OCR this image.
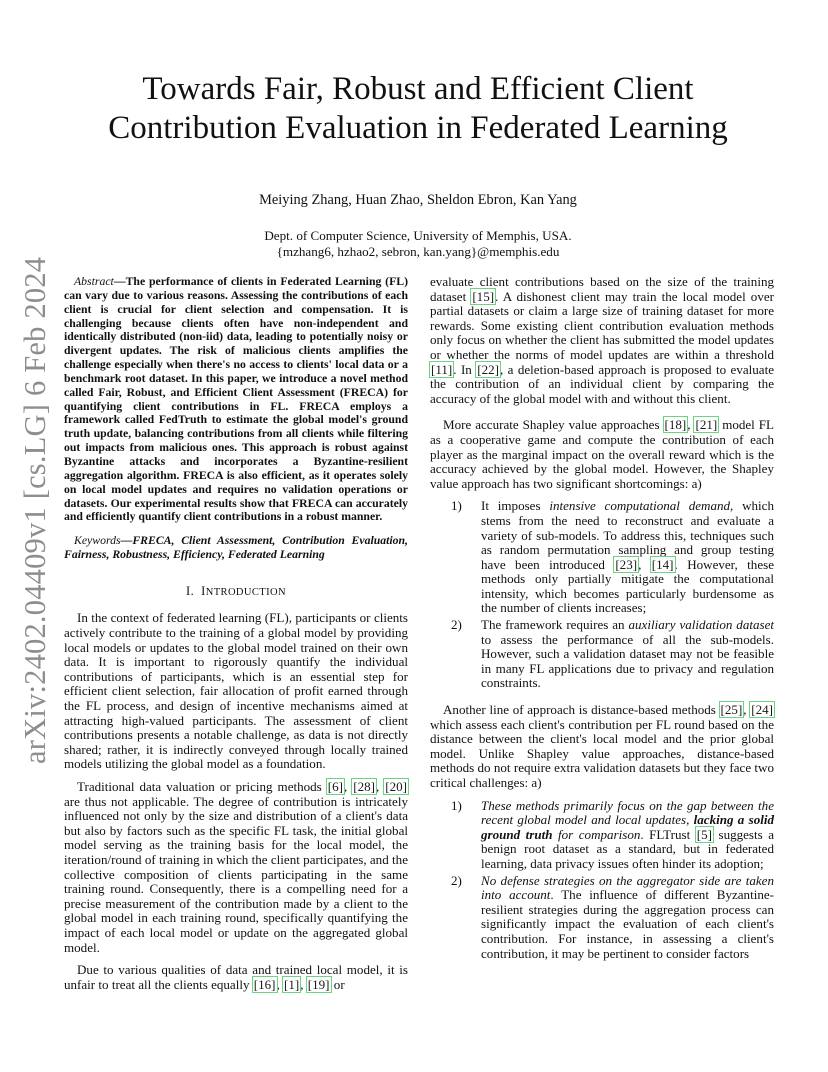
arXiv:2402.04409v1 [cs.LG] 6 Feb 2024
Towards Fair, Robust and Efficient Client
Contribution Evaluation in Federated Learning
Meiying Zhang, Huan Zhao, Sheldon Ebron, Kan Yang
Dept. of Computer Science, University of Memphis, USA.
{mzhang6, hzhao2, sebron, kan.yang}@memphis.edu

Abstract—The performance of clients in Federated Learning (FL) can vary due to various reasons. Assessing the contributions of each client is crucial for client selection and compensation. It is challenging because clients often have non-independent and identically distributed (non-iid) data, leading to potentially noisy or divergent updates. The risk of malicious clients amplifies the challenge especially when there's no access to clients' local data or a benchmark root dataset. In this paper, we introduce a novel method called Fair, Robust, and Efficient Client Assessment (FRECA) for quantifying client contributions in FL. FRECA employs a framework called FedTruth to estimate the global model's ground truth update, balancing contributions from all clients while filtering out impacts from malicious ones. This approach is robust against Byzantine attacks and incorporates a Byzantine-resilient aggregation algorithm. FRECA is also efficient, as it operates solely on local model updates and requires no validation operations or datasets. Our experimental results show that FRECA can accurately and efficiently quantify client contributions in a robust manner.

Keywords—FRECA, Client Assessment, Contribution Evaluation, Fairness, Robustness, Efficiency, Federated Learning

I. INTRODUCTION

In the context of federated learning (FL), participants or clients actively contribute to the training of a global model by providing local models or updates to the global model trained on their own data. It is important to rigorously quantify the individual contributions of participants, which is an essential step for efficient client selection, fair allocation of profit earned through the FL process, and design of incentive mechanisms aimed at attracting high-valued participants. The assessment of client contributions presents a notable challenge, as data is not directly shared; rather, it is indirectly conveyed through locally trained models utilizing the global model as a foundation.

Traditional data valuation or pricing methods [6], [28], [20] are thus not applicable. The degree of contribution is intricately influenced not only by the size and distribution of a client's data but also by factors such as the specific FL task, the initial global model serving as the training basis for the local model, the iteration/round of training in which the client participates, and the collective composition of clients participating in the same training round. Consequently, there is a compelling need for a precise measurement of the contribution made by a client to the global model in each training round, specifically quantifying the impact of each local model or update on the aggregated global model.

Due to various qualities of data and trained local model, it is unfair to treat all the clients equally [16], [1], [19] or

evaluate client contributions based on the size of the training dataset [15]. A dishonest client may train the local model over partial datasets or claim a large size of training dataset for more rewards. Some existing client contribution evaluation methods only focus on whether the client has submitted the model updates or whether the norms of model updates are within a threshold [11]. In [22], a deletion-based approach is proposed to evaluate the contribution of an individual client by comparing the accuracy of the global model with and without this client.

More accurate Shapley value approaches [18], [21] model FL as a cooperative game and compute the contribution of each player as the marginal impact on the overall reward which is the accuracy achieved by the global model. However, the Shapley value approach has two significant shortcomings: a)

1) It imposes intensive computational demand, which stems from the need to reconstruct and evaluate a variety of sub-models. To address this, techniques such as random permutation sampling and group testing have been introduced [23], [14]. However, these methods only partially mitigate the computational intensity, which becomes particularly burdensome as the number of clients increases;
2) The framework requires an auxiliary validation dataset to assess the performance of all the sub-models. However, such a validation dataset may not be feasible in many FL applications due to privacy and regulation constraints.

Another line of approach is distance-based methods [25], [24] which assess each client's contribution per FL round based on the distance between the client's local model and the prior global model. Unlike Shapley value approaches, distance-based methods do not require extra validation datasets but they face two critical challenges: a)

1) These methods primarily focus on the gap between the recent global model and local updates, lacking a solid ground truth for comparison. FLTrust [5] suggests a benign root dataset as a standard, but in federated learning, data privacy issues often hinder its adoption;
2) No defense strategies on the aggregator side are taken into account. The influence of different Byzantine-resilient strategies during the aggregation process can significantly impact the evaluation of each client's contribution. For instance, in assessing a client's contribution, it may be pertinent to consider factors
